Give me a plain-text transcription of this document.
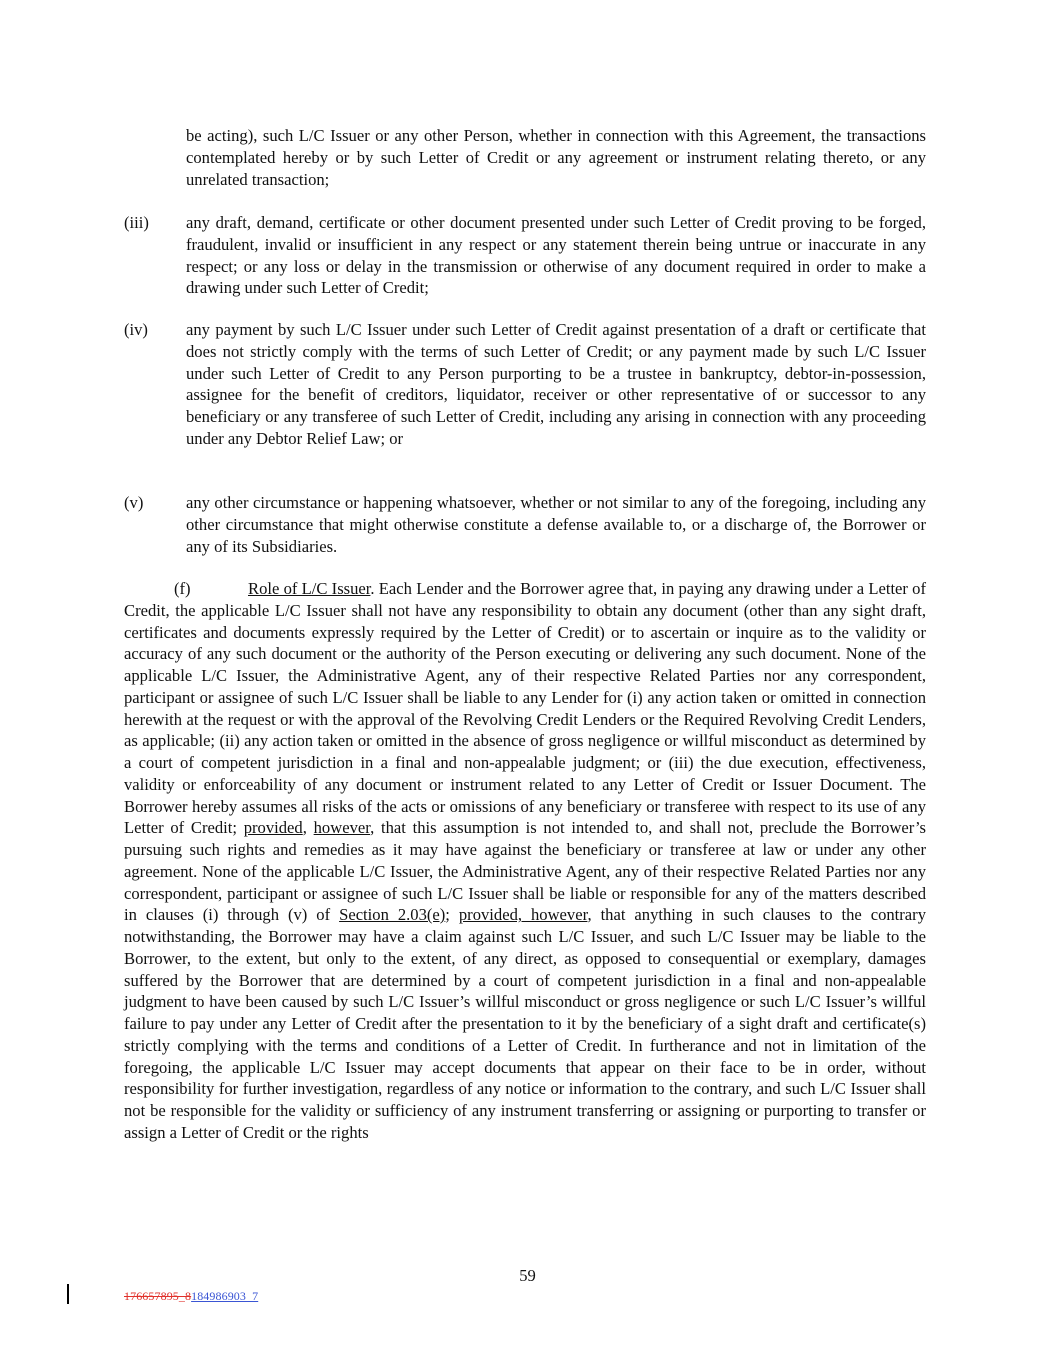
be acting), such L/C Issuer or any other Person, whether in connection with this Agreement, the transactions contemplated hereby or by such Letter of Credit or any agreement or instrument relating thereto, or any unrelated transaction;

(iii) any draft, demand, certificate or other document presented under such Letter of Credit proving to be forged, fraudulent, invalid or insufficient in any respect or any statement therein being untrue or inaccurate in any respect; or any loss or delay in the transmission or otherwise of any document required in order to make a drawing under such Letter of Credit;

(iv) any payment by such L/C Issuer under such Letter of Credit against presentation of a draft or certificate that does not strictly comply with the terms of such Letter of Credit; or any payment made by such L/C Issuer under such Letter of Credit to any Person purporting to be a trustee in bankruptcy, debtor-in-possession, assignee for the benefit of creditors, liquidator, receiver or other representative of or successor to any beneficiary or any transferee of such Letter of Credit, including any arising in connection with any proceeding under any Debtor Relief Law; or

(v)	any other circumstance or happening whatsoever, whether or not similar to any of the foregoing, including any other circumstance that might otherwise constitute a defense available to, or a discharge of, the Borrower or any of its Subsidiaries.

(f)	Role of L/C Issuer. Each Lender and the Borrower agree that, in paying any drawing under a Letter of Credit, the applicable L/C Issuer shall not have any responsibility to obtain any document (other than any sight draft, certificates and documents expressly required by the Letter of Credit) or to ascertain or inquire as to the validity or accuracy of any such document or the authority of the Person executing or delivering any such document. None of the applicable L/C Issuer, the Administrative Agent, any of their respective Related Parties nor any correspondent, participant or assignee of such L/C Issuer shall be liable to any Lender for (i) any action taken or omitted in connection herewith at the request or with the approval of the Revolving Credit Lenders or the Required Revolving Credit Lenders, as applicable; (ii) any action taken or omitted in the absence of gross negligence or willful misconduct as determined by a court of competent jurisdiction in a final and non-appealable judgment; or (iii) the due execution, effectiveness, validity or enforceability of any document or instrument related to any Letter of Credit or Issuer Document. The Borrower hereby assumes all risks of the acts or omissions of any beneficiary or transferee with respect to its use of any Letter of Credit; provided, however, that this assumption is not intended to, and shall not, preclude the Borrower’s pursuing such rights and remedies as it may have against the beneficiary or transferee at law or under any other agreement. None of the applicable L/C Issuer, the Administrative Agent, any of their respective Related Parties nor any correspondent, participant or assignee of such L/C Issuer shall be liable or responsible for any of the matters described in clauses (i) through (v) of Section 2.03(e); provided, however, that anything in such clauses to the contrary notwithstanding, the Borrower may have a claim against such L/C Issuer, and such L/C Issuer may be liable to the Borrower, to the extent, but only to the extent, of any direct, as opposed to consequential or exemplary, damages suffered by the Borrower that are determined by a court of competent jurisdiction in a final and non-appealable judgment to have been caused by such L/C Issuer’s willful misconduct or gross negligence or such L/C Issuer’s willful failure to pay under any Letter of Credit after the presentation to it by the beneficiary of a sight draft and certificate(s) strictly complying with the terms and conditions of a Letter of Credit. In furtherance and not in limitation of the foregoing, the applicable L/C Issuer may accept documents that appear on their face to be in order, without responsibility for further investigation, regardless of any notice or information to the contrary, and such L/C Issuer shall not be responsible for the validity or sufficiency of any instrument transferring or assigning or purporting to transfer or assign a Letter of Credit or the rights

59
176657895_8184986903_7
